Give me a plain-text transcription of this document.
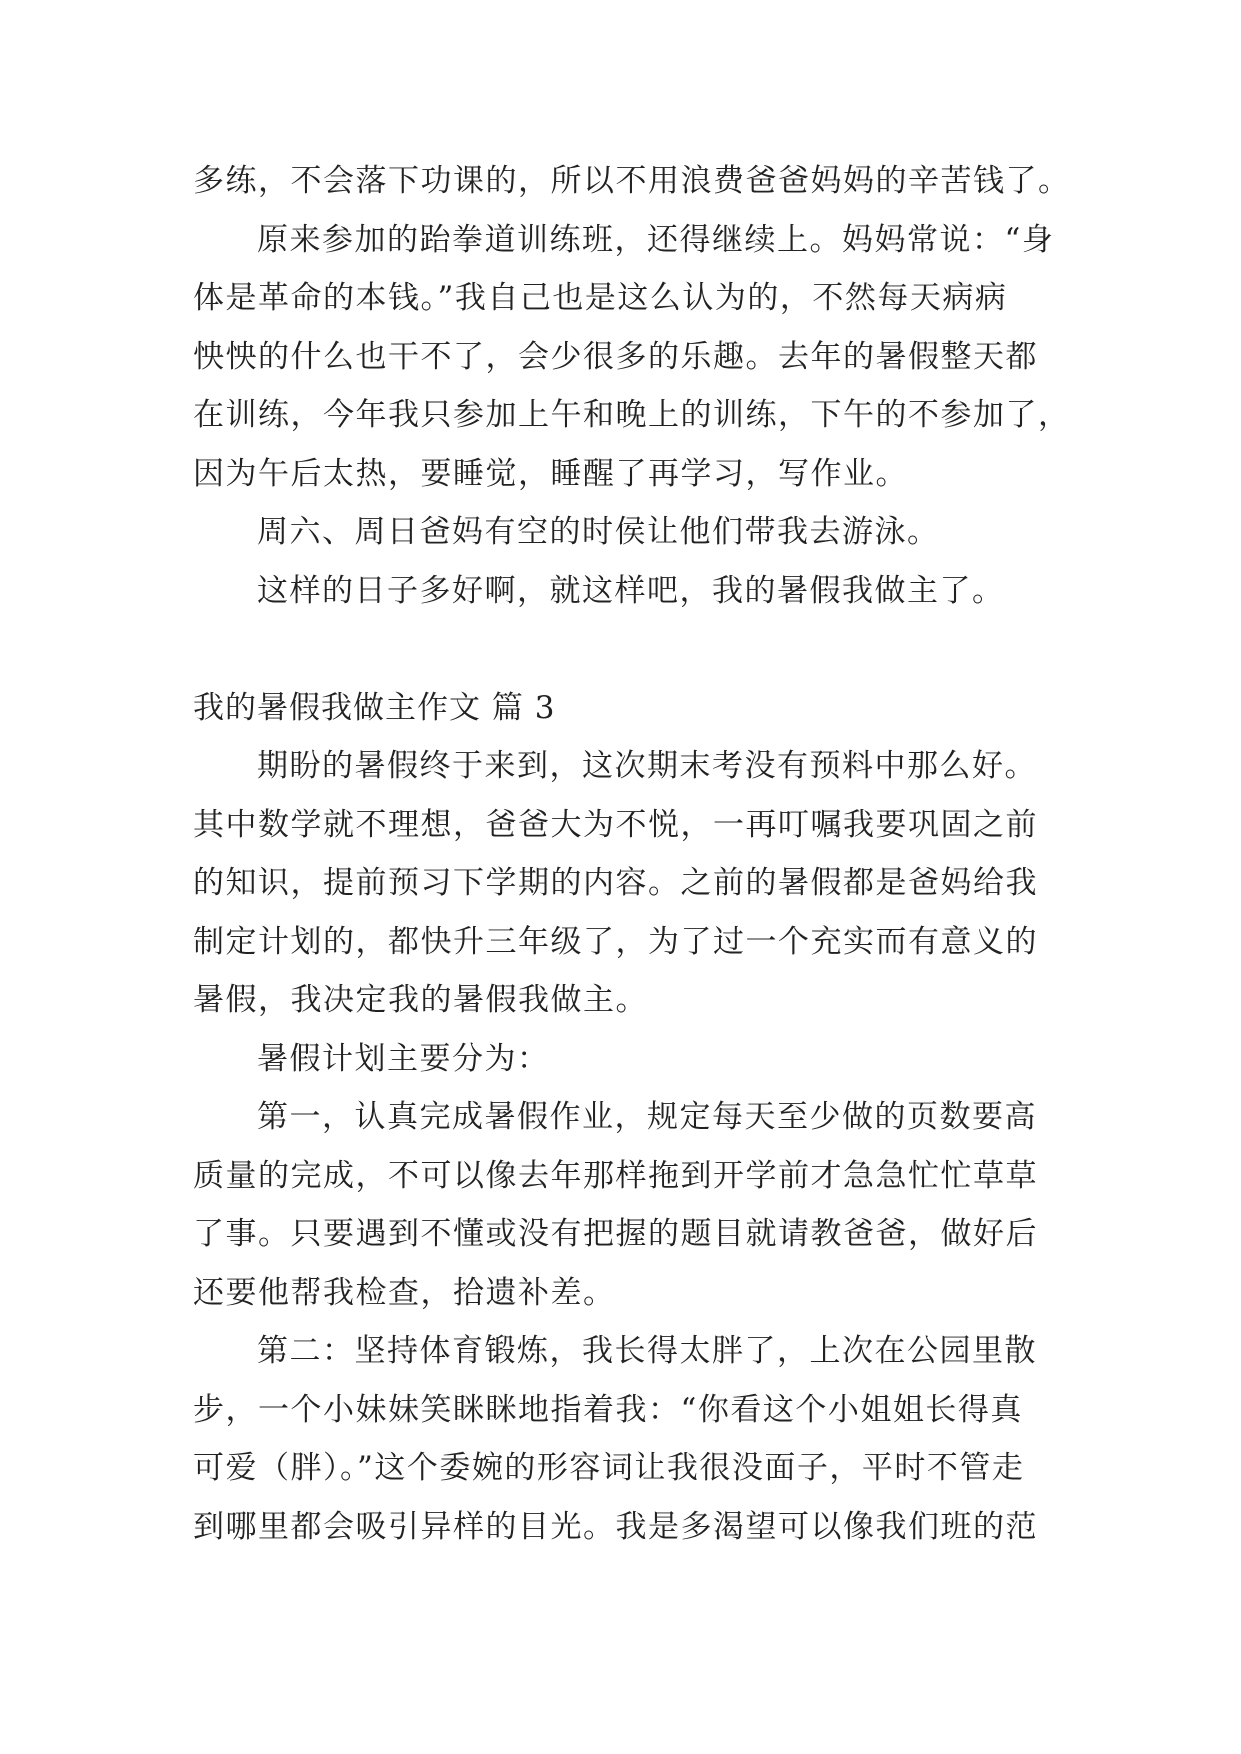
多练，不会落下功课的，所以不用浪费爸爸妈妈的辛苦钱了。
原来参加的跆拳道训练班，还得继续上。妈妈常说：“身
体是革命的本钱。”我自己也是这么认为的，不然每天病病
怏怏的什么也干不了，会少很多的乐趣。去年的暑假整天都
在训练，今年我只参加上午和晚上的训练，下午的不参加了，
因为午后太热，要睡觉，睡醒了再学习，写作业。
周六、周日爸妈有空的时侯让他们带我去游泳。
这样的日子多好啊，就这样吧，我的暑假我做主了。
我的暑假我做主作文 篇 3
期盼的暑假终于来到，这次期末考没有预料中那么好。
其中数学就不理想，爸爸大为不悦，一再叮嘱我要巩固之前
的知识，提前预习下学期的内容。之前的暑假都是爸妈给我
制定计划的，都快升三年级了，为了过一个充实而有意义的
暑假，我决定我的暑假我做主。
暑假计划主要分为：
第一，认真完成暑假作业，规定每天至少做的页数要高
质量的完成，不可以像去年那样拖到开学前才急急忙忙草草
了事。只要遇到不懂或没有把握的题目就请教爸爸，做好后
还要他帮我检查，拾遗补差。
第二：坚持体育锻炼，我长得太胖了，上次在公园里散
步，一个小妹妹笑眯眯地指着我：“你看这个小姐姐长得真
可爱（胖）。”这个委婉的形容词让我很没面子，平时不管走
到哪里都会吸引异样的目光。我是多渴望可以像我们班的范
